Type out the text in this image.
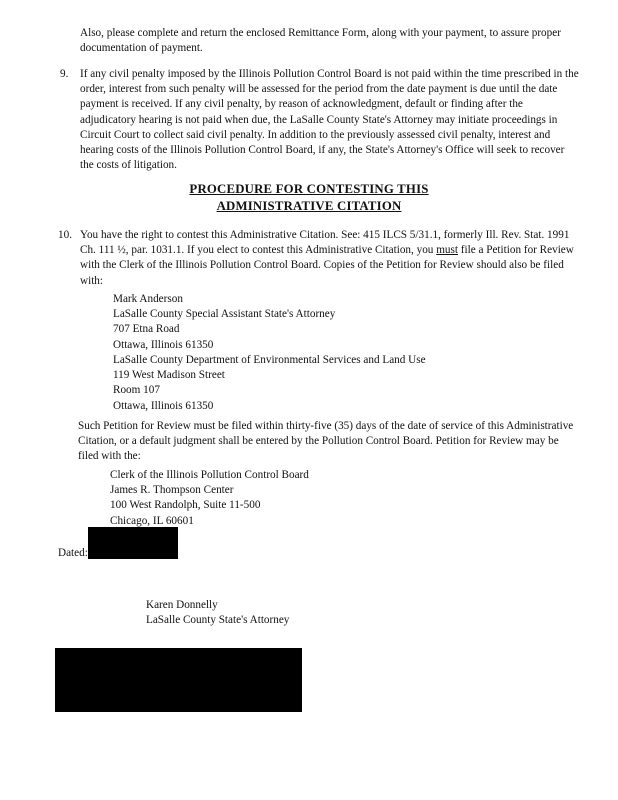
Also, please complete and return the enclosed Remittance Form, along with your payment, to assure proper

documentation of payment.

9. If any civil penalty imposed by the Illinois Pollution Control Board is not paid within the time prescribed in the

order, interest from such penalty will be assessed for the period from the date payment is due until the date

payment is received. If any civil penalty, by reason of acknowledgment, default or finding after the

adjudicatory hearing is not paid when due, the LaSalle County State's Attorney may initiate proceedings in

Circuit Court to collect said civil penalty. In addition to the previously assessed civil penalty, interest and

hearing costs of the Illinois Pollution Control Board, if any, the State's Attorney's Office will seek to recover

the costs of litigation.

PROCEDURE FOR CONTESTING THIS
ADMINISTRATIVE CITATION
10. You have the right to contest this Administrative Citation. See: 415 ILCS 5/31.1, formerly Ill. Rev. Stat. 1991

Ch. 111 ½, par. 1031.1. If you elect to contest this Administrative Citation, you must file a Petition for Review

with the Clerk of the Illinois Pollution Control Board. Copies of the Petition for Review should also be filed

with:

Mark Anderson
LaSalle County Special Assistant State's Attorney
707 Etna Road
Ottawa, Illinois 61350
LaSalle County Department of Environmental Services and Land Use
119 West Madison Street
Room 107
Ottawa, Illinois 61350

Such Petition for Review must be filed within thirty-five (35) days of the date of service of this Administrative

Citation, or a default judgment shall be entered by the Pollution Control Board. Petition for Review may be

filed with the:

Clerk of the Illinois Pollution Control Board
James R. Thompson Center
100 West Randolph, Suite 11-500
Chicago, IL 60601
Dated:
Karen Donnelly
LaSalle County State's Attorney
